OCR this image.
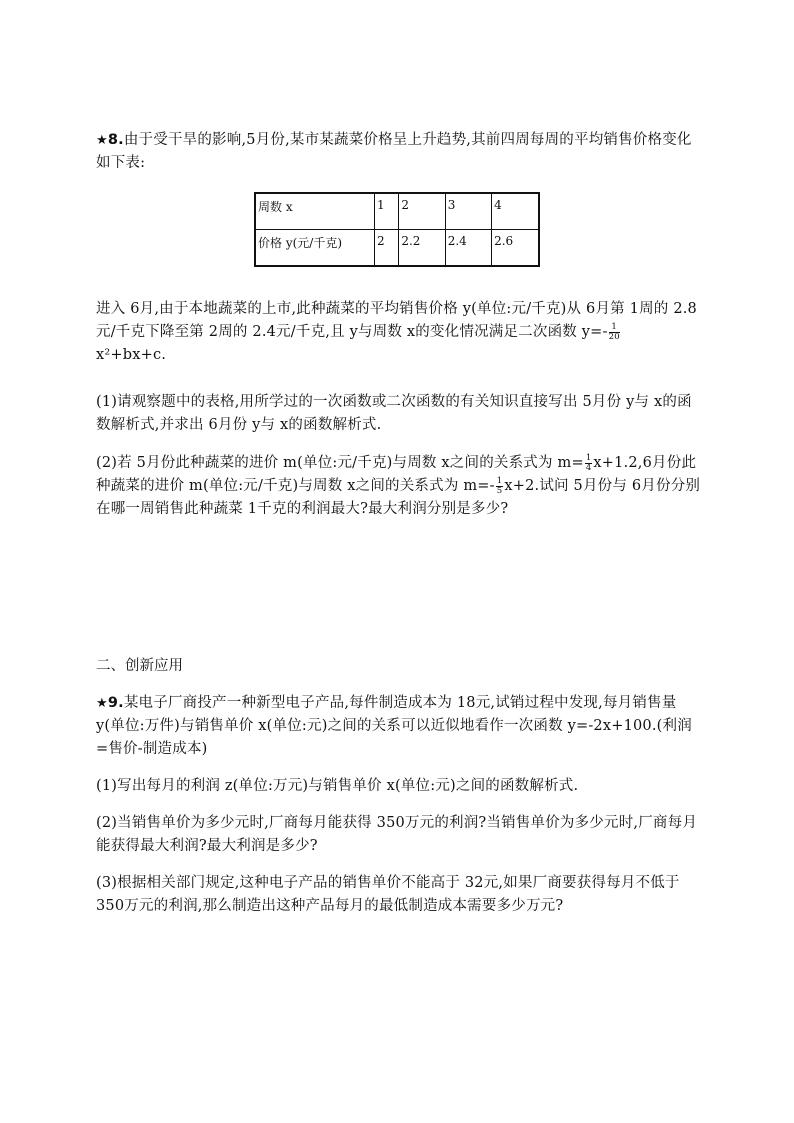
★8.由于受干旱的影响,5月份,某市某蔬菜价格呈上升趋势,其前四周每周的平均销售价格变化如下表:

周数 x	1	2	3	4
价格 y(元/千克)	2	2.2	2.4	2.6

进入 6月,由于本地蔬菜的上市,此种蔬菜的平均销售价格 y(单位:元/千克)从 6月第 1周的 2.8元/千克下降至第 2周的 2.4元/千克,且 y与周数 x的变化情况满足二次函数 $y=- \frac{1}{20}$

x²+bx+c.

(1)请观察题中的表格,用所学过的一次函数或二次函数的有关知识直接写出 5月份 y与 x的函数解析式,并求出 6月份 y与 x的函数解析式.

(2)若 5月份此种蔬菜的进价 m(单位:元/千克)与周数 x之间的关系式为 $m= \frac{1}{4} x+1.2,6$月份此种蔬菜的进价 m(单位:元/千克)与周数 x之间的关系式为 $m=- \frac{1}{5} x+2$.试问 5月份与 6月份分别在哪一周销售此种蔬菜 1千克的利润最大?最大利润分别是多少?

二、创新应用

★9.某电子厂商投产一种新型电子产品,每件制造成本为 18元,试销过程中发现,每月销售量 y(单位:万件)与销售单价 x(单位:元)之间的关系可以近似地看作一次函数 y=-2x+100.(利润=售价-制造成本)

(1)写出每月的利润 z(单位:万元)与销售单价 x(单位:元)之间的函数解析式.

(2)当销售单价为多少元时,厂商每月能获得 350万元的利润?当销售单价为多少元时,厂商每月能获得最大利润?最大利润是多少?

(3)根据相关部门规定,这种电子产品的销售单价不能高于 32元,如果厂商要获得每月不低于 350万元的利润,那么制造出这种产品每月的最低制造成本需要多少万元?
